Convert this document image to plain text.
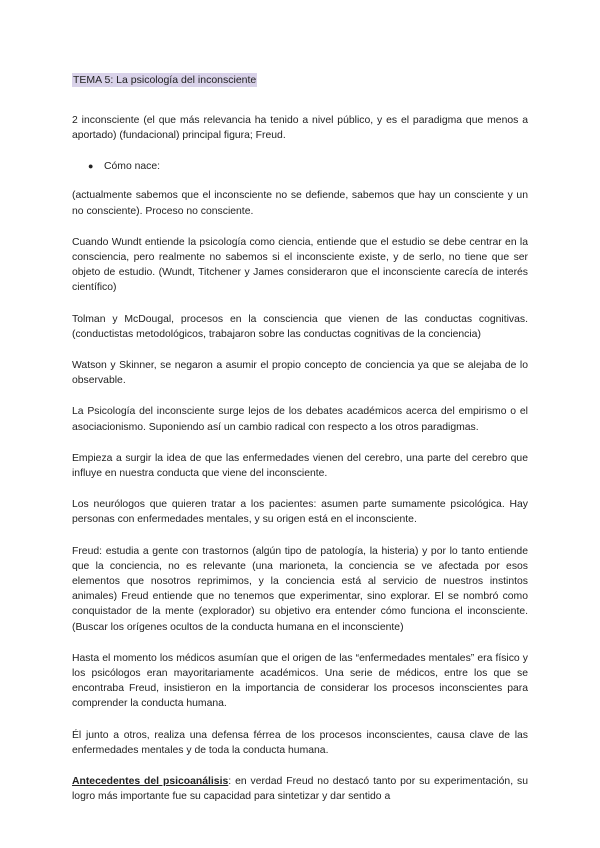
TEMA 5: La psicología del inconsciente

2 inconsciente (el que más relevancia ha tenido a nivel público, y es el paradigma que menos a aportado) (fundacional) principal figura; Freud.

● Cómo nace:

(actualmente sabemos que el inconsciente no se defiende, sabemos que hay un consciente y un no consciente). Proceso no consciente.

Cuando Wundt entiende la psicología como ciencia, entiende que el estudio se debe centrar en la consciencia, pero realmente no sabemos si el inconsciente existe, y de serlo, no tiene que ser objeto de estudio. (Wundt, Titchener y James consideraron que el inconsciente carecía de interés científico)

Tolman y McDougal, procesos en la consciencia que vienen de las conductas cognitivas. (conductistas metodológicos, trabajaron sobre las conductas cognitivas de la conciencia)

Watson y Skinner, se negaron a asumir el propio concepto de conciencia ya que se alejaba de lo observable.

La Psicología del inconsciente surge lejos de los debates académicos acerca del empirismo o el asociacionismo. Suponiendo así un cambio radical con respecto a los otros paradigmas.

Empieza a surgir la idea de que las enfermedades vienen del cerebro, una parte del cerebro que influye en nuestra conducta que viene del inconsciente.

Los neurólogos que quieren tratar a los pacientes: asumen parte sumamente psicológica. Hay personas con enfermedades mentales, y su origen está en el inconsciente.

Freud: estudia a gente con trastornos (algún tipo de patología, la histeria) y por lo tanto entiende que la conciencia, no es relevante (una marioneta, la conciencia se ve afectada por esos elementos que nosotros reprimimos, y la conciencia está al servicio de nuestros instintos animales) Freud entiende que no tenemos que experimentar, sino explorar. El se nombró como conquistador de la mente (explorador) su objetivo era entender cómo funciona el inconsciente. (Buscar los orígenes ocultos de la conducta humana en el inconsciente)

Hasta el momento los médicos asumían que el origen de las “enfermedades mentales” era físico y los psicólogos eran mayoritariamente académicos. Una serie de médicos, entre los que se encontraba Freud, insistieron en la importancia de considerar los procesos inconscientes para comprender la conducta humana.

Él junto a otros, realiza una defensa férrea de los procesos inconscientes, causa clave de las enfermedades mentales y de toda la conducta humana.

Antecedentes del psicoanálisis: en verdad Freud no destacó tanto por su experimentación, su logro más importante fue su capacidad para sintetizar y dar sentido a
